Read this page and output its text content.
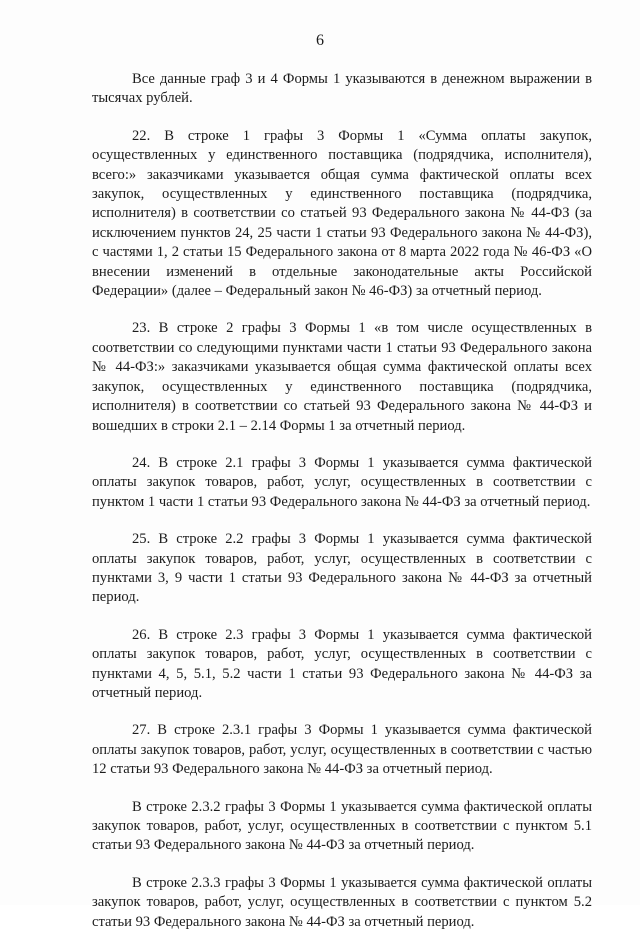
6

Все данные граф 3 и 4 Формы 1 указываются в денежном выражении в тысячах рублей.

22. В строке 1 графы 3 Формы 1 «Сумма оплаты закупок, осуществленных у единственного поставщика (подрядчика, исполнителя), всего:» заказчиками указывается общая сумма фактической оплаты всех закупок, осуществленных у единственного поставщика (подрядчика, исполнителя) в соответствии со статьей 93 Федерального закона № 44-ФЗ (за исключением пунктов 24, 25 части 1 статьи 93 Федерального закона № 44-ФЗ), с частями 1, 2 статьи 15 Федерального закона от 8 марта 2022 года № 46-ФЗ «О внесении изменений в отдельные законодательные акты Российской Федерации» (далее – Федеральный закон № 46-ФЗ) за отчетный период.

23. В строке 2 графы 3 Формы 1 «в том числе осуществленных в соответствии со следующими пунктами части 1 статьи 93 Федерального закона № 44-ФЗ:» заказчиками указывается общая сумма фактической оплаты всех закупок, осуществленных у единственного поставщика (подрядчика, исполнителя) в соответствии со статьей 93 Федерального закона № 44-ФЗ и вошедших в строки 2.1 – 2.14 Формы 1 за отчетный период.

24. В строке 2.1 графы 3 Формы 1 указывается сумма фактической оплаты закупок товаров, работ, услуг, осуществленных в соответствии с пунктом 1 части 1 статьи 93 Федерального закона № 44-ФЗ за отчетный период.

25. В строке 2.2 графы 3 Формы 1 указывается сумма фактической оплаты закупок товаров, работ, услуг, осуществленных в соответствии с пунктами 3, 9 части 1 статьи 93 Федерального закона № 44-ФЗ за отчетный период.

26. В строке 2.3 графы 3 Формы 1 указывается сумма фактической оплаты закупок товаров, работ, услуг, осуществленных в соответствии с пунктами 4, 5, 5.1, 5.2 части 1 статьи 93 Федерального закона № 44-ФЗ за отчетный период.

27. В строке 2.3.1 графы 3 Формы 1 указывается сумма фактической оплаты закупок товаров, работ, услуг, осуществленных в соответствии с частью 12 статьи 93 Федерального закона № 44-ФЗ за отчетный период.

В строке 2.3.2 графы 3 Формы 1 указывается сумма фактической оплаты закупок товаров, работ, услуг, осуществленных в соответствии с пунктом 5.1 статьи 93 Федерального закона № 44-ФЗ за отчетный период.

В строке 2.3.3 графы 3 Формы 1 указывается сумма фактической оплаты закупок товаров, работ, услуг, осуществленных в соответствии с пунктом 5.2 статьи 93 Федерального закона № 44-ФЗ за отчетный период.
